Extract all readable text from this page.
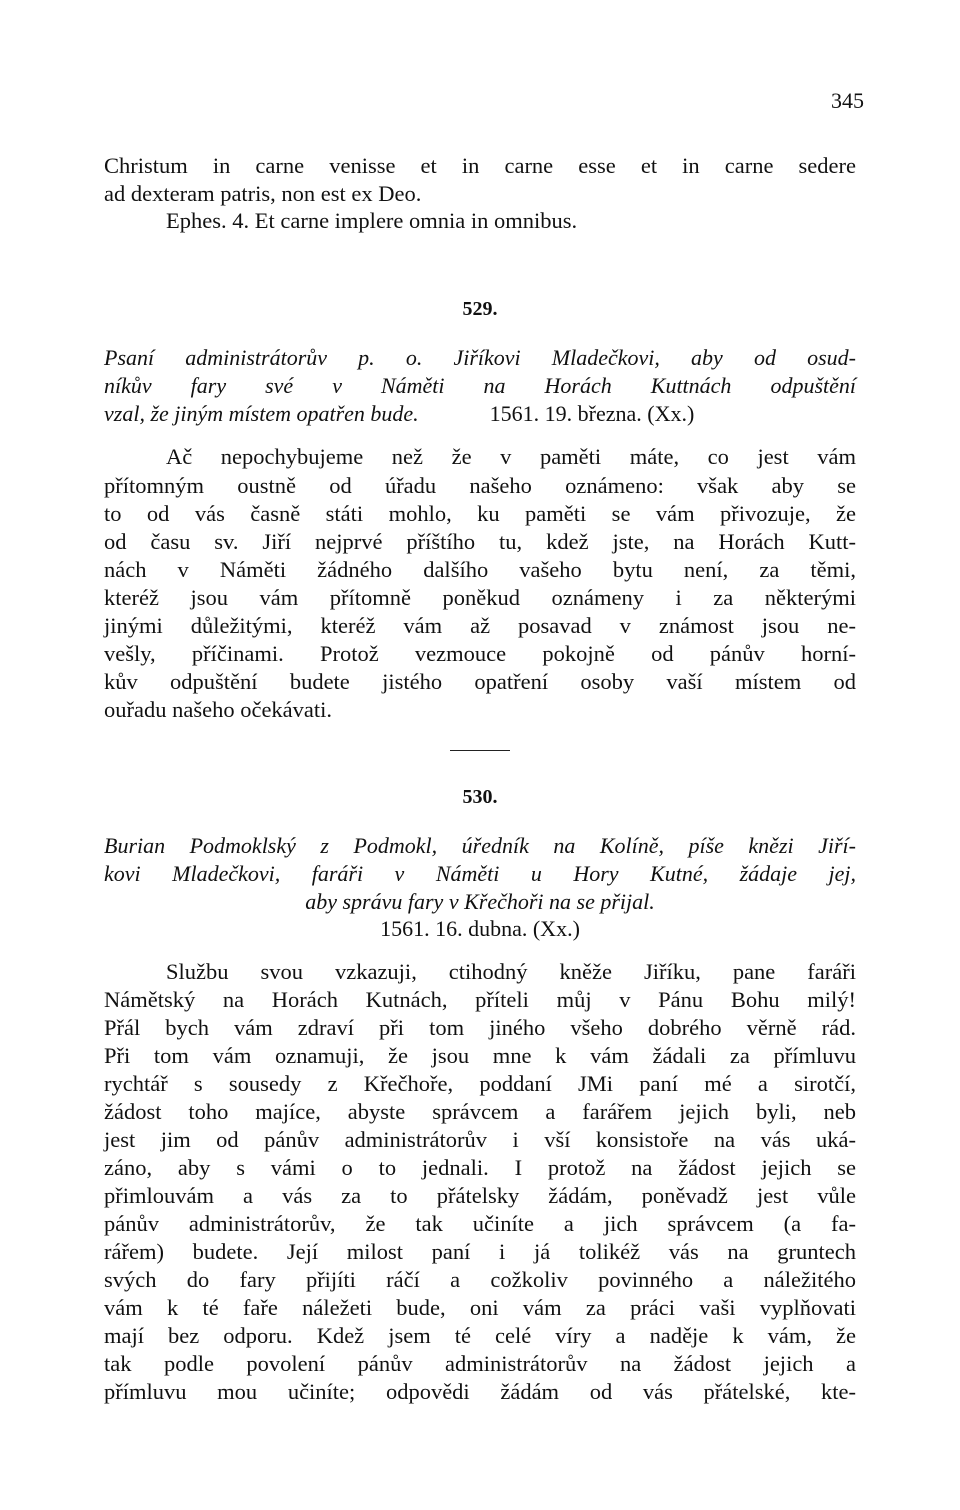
345
Christum in carne venisse et in carne esse et in carne sedere
ad dexteram patris, non est ex Deo.
Ephes. 4. Et carne implere omnia in omnibus.
529.
Psaní administrátorův p. o. Jiříkovi Mladečkovi, aby od osud-
níkův fary své v Náměti na Horách Kuttnách odpuštění
vzal, že jiným místem opatřen bude.	1561. 19. března. (Xx.)
Ač nepochybujeme než že v paměti máte, co jest vám
přítomným oustně od úřadu našeho oznámeno: však aby se
to od vás časně státi mohlo, ku paměti se vám přivozuje, že
od času sv. Jiří nejprvé příštího tu, kdež jste, na Horách Kutt-
nách v Náměti žádného dalšího vašeho bytu není, za těmi,
kteréž jsou vám přítomně poněkud oznámeny i za některými
jinými důležitými, kteréž vám až posavad v známost jsou ne-
vešly, příčinami. Protož vezmouce pokojně od pánův horní-
kův odpuštění budete jistého opatření osoby vaší místem od
ouřadu našeho očekávati.
530.
Burian Podmoklský z Podmokl, úředník na Kolíně, píše knězi Jiří-
kovi Mladečkovi, faráři v Náměti u Hory Kutné, žádaje jej,
aby správu fary v Křečhoři na se přijal.
1561. 16. dubna. (Xx.)
Službu svou vzkazuji, ctihodný kněže Jiříku, pane faráři
Námětský na Horách Kutnách, příteli můj v Pánu Bohu milý!
Přál bych vám zdraví při tom jiného všeho dobrého věrně rád.
Při tom vám oznamuji, že jsou mne k vám žádali za přímluvu
rychtář s sousedy z Křečhoře, poddaní JMi paní mé a sirotčí,
žádost toho majíce, abyste správcem a farářem jejich byli, neb
jest jim od pánův administrátorův i vší konsistoře na vás uká-
záno, aby s vámi o to jednali. I protož na žádost jejich se
přimlouvám a vás za to přátelsky žádám, poněvadž jest vůle
pánův administrátorův, že tak učiníte a jich správcem (a fa-
rářem) budete. Její milost paní i já tolikéž vás na gruntech
svých do fary přijíti ráčí a cožkoliv povinného a náležitého
vám k té faře náležeti bude, oni vám za práci vaši vyplňovati
mají bez odporu. Kdež jsem té celé víry a naděje k vám, že
tak podle povolení pánův administrátorův na žádost jejich a
přímluvu mou učiníte; odpovědi žádám od vás přátelské, kte-
